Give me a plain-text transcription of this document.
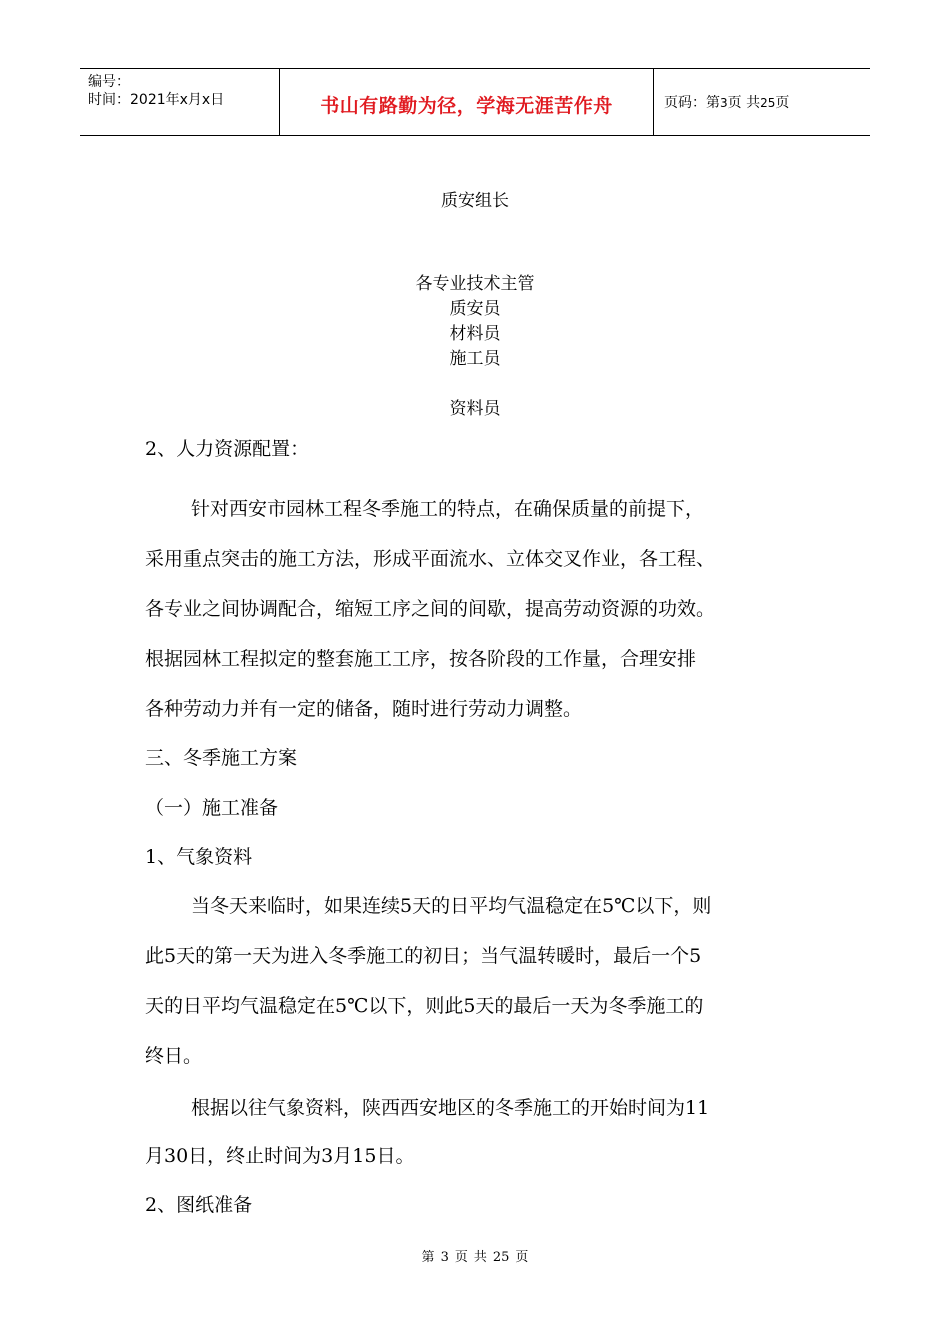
编号：
时间：2021年x月x日	书山有路勤为径，学海无涯苦作舟	页码：第3页 共25页
质安组长
各专业技术主管
质安员
材料员
施工员
资料员
2、人力资源配置：
针对西安市园林工程冬季施工的特点，在确保质量的前提下，
采用重点突击的施工方法，形成平面流水、立体交叉作业，各工程、
各专业之间协调配合，缩短工序之间的间歇，提高劳动资源的功效。
根据园林工程拟定的整套施工工序，按各阶段的工作量，合理安排
各种劳动力并有一定的储备，随时进行劳动力调整。
三、冬季施工方案
（一）施工准备
1、气象资料
当冬天来临时，如果连续5天的日平均气温稳定在5℃以下，则
此5天的第一天为进入冬季施工的初日；当气温转暖时，最后一个5
天的日平均气温稳定在5℃以下，则此5天的最后一天为冬季施工的
终日。
根据以往气象资料，陕西西安地区的冬季施工的开始时间为11
月30日，终止时间为3月15日。
2、图纸准备
第 3 页 共 25 页
